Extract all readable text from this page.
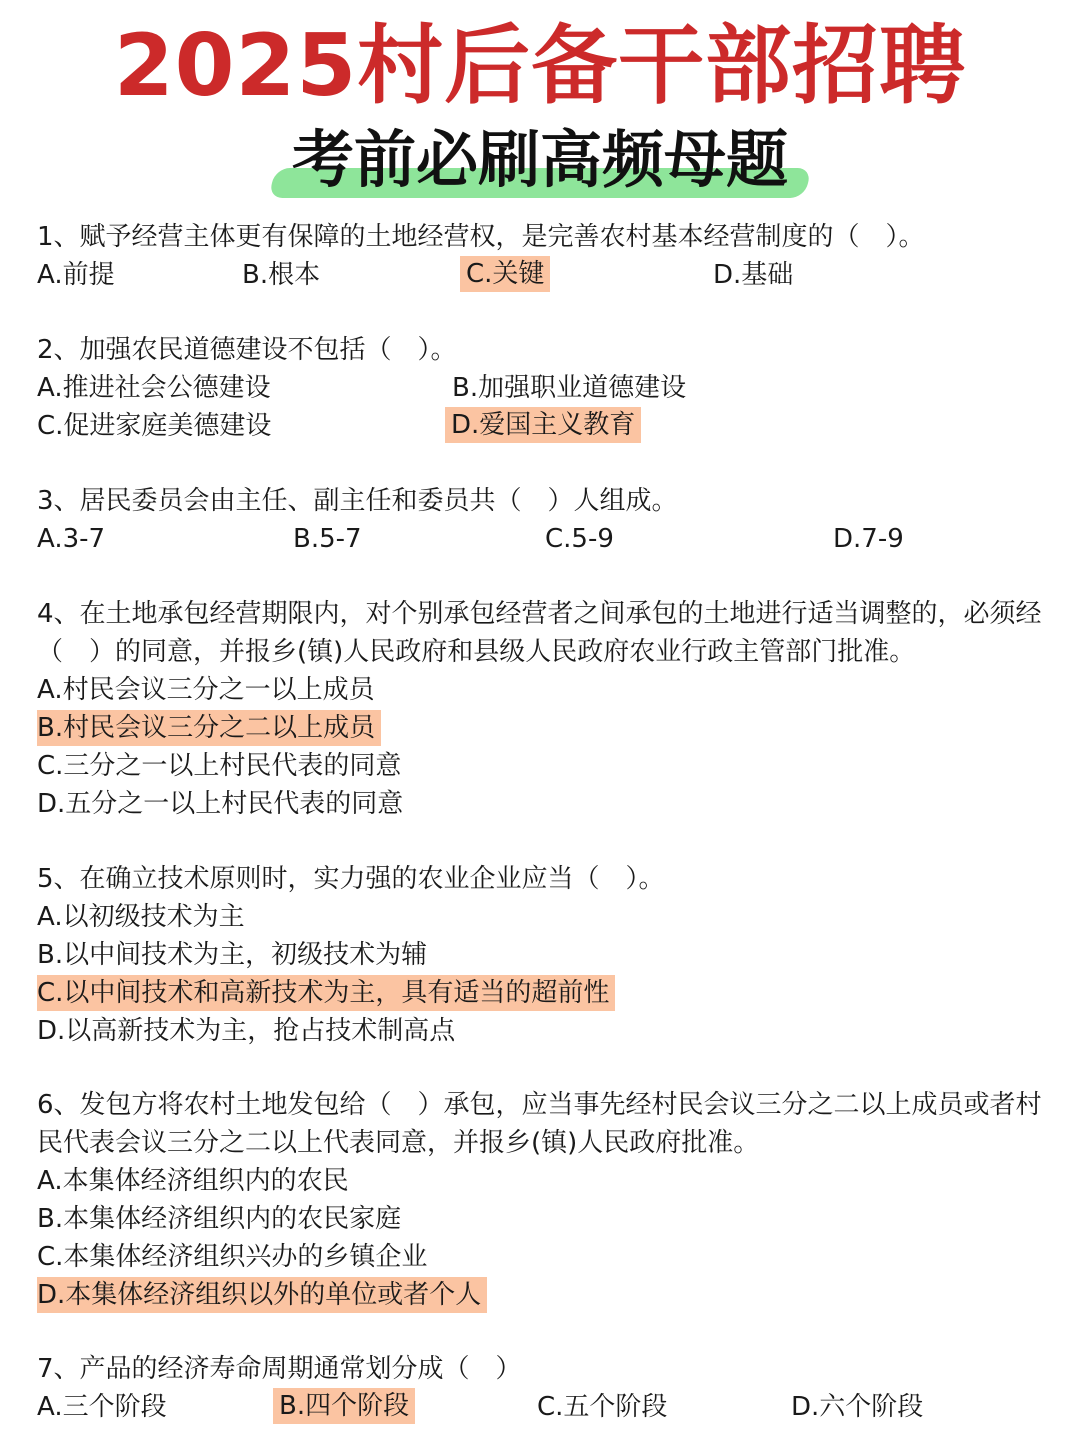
2025村后备干部招聘
考前必刷高频母题
1、赋予经营主体更有保障的土地经营权，是完善农村基本经营制度的（　）。
A.前提	B.根本	C.关键	D.基础
2、加强农民道德建设不包括（　）。
A.推进社会公德建设	B.加强职业道德建设
C.促进家庭美德建设	D.爱国主义教育
3、居民委员会由主任、副主任和委员共（　）人组成。
A.3-7	B.5-7	C.5-9	D.7-9
4、在土地承包经营期限内，对个别承包经营者之间承包的土地进行适当调整的，必须经（　）的同意，并报乡(镇)人民政府和县级人民政府农业行政主管部门批准。
A.村民会议三分之一以上成员
B.村民会议三分之二以上成员
C.三分之一以上村民代表的同意
D.五分之一以上村民代表的同意
5、在确立技术原则时，实力强的农业企业应当（　）。
A.以初级技术为主
B.以中间技术为主，初级技术为辅
C.以中间技术和高新技术为主，具有适当的超前性
D.以高新技术为主，抢占技术制高点
6、发包方将农村土地发包给（　）承包，应当事先经村民会议三分之二以上成员或者村民代表会议三分之二以上代表同意，并报乡(镇)人民政府批准。
A.本集体经济组织内的农民
B.本集体经济组织内的农民家庭
C.本集体经济组织兴办的乡镇企业
D.本集体经济组织以外的单位或者个人
7、产品的经济寿命周期通常划分成（　）
A.三个阶段	B.四个阶段	C.五个阶段	D.六个阶段
